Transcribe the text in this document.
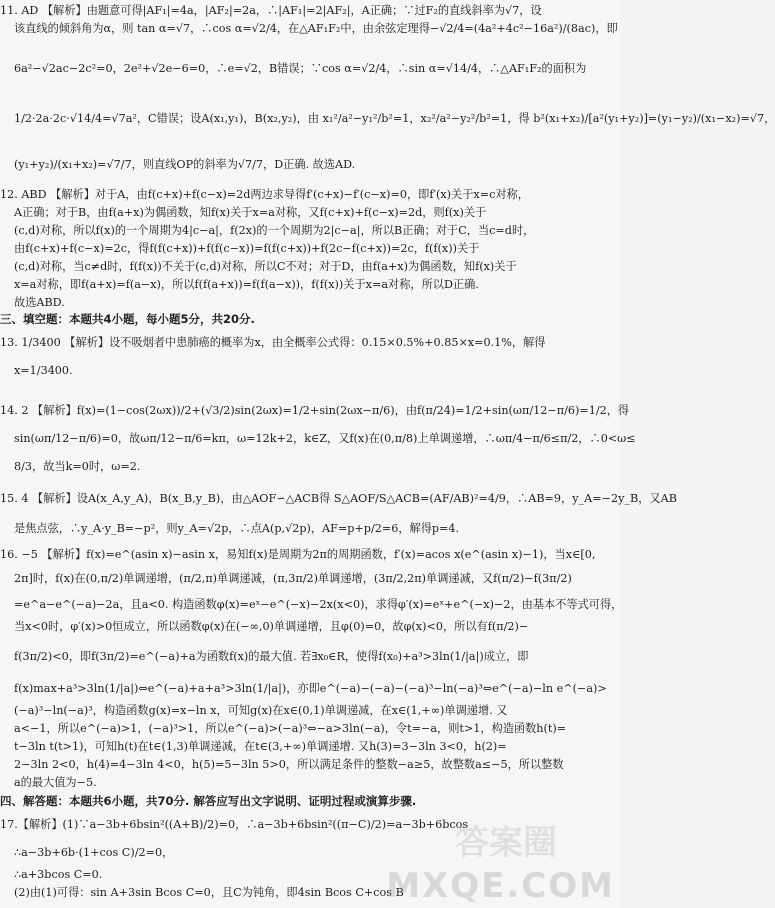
11. AD 【解析】由题意可得|AF₁|=4a，|AF₂|=2a，∴|AF₁|=2|AF₂|，A正确；∵过F₂的直线斜率为√7，设
该直线的倾斜角为α，则 tan α=√7，∴cos α=√2/4，在△AF₁F₂中，由余弦定理得−√2/4=(4a²+4c²−16a²)/(8ac)，即
6a²−√2ac−2c²=0，2e²+√2e−6=0，∴e=√2，B错误；∵cos α=√2/4，∴sin α=√14/4，∴△AF₁F₂的面积为
1/2·2a·2c·√14/4=√7a²，C错误；设A(x₁,y₁)，B(x₂,y₂)，由 x₁²/a²−y₁²/b²=1，x₂²/a²−y₂²/b²=1，得 b²(x₁+x₂)/[a²(y₁+y₂)]=(y₁−y₂)/(x₁−x₂)=√7，
(y₁+y₂)/(x₁+x₂)=√7/7，则直线OP的斜率为√7/7，D正确. 故选AD.
12. ABD 【解析】对于A，由f(c+x)+f(c−x)=2d两边求导得f′(c+x)−f′(c−x)=0，即f′(x)关于x=c对称，
A正确；对于B，由f(a+x)为偶函数，知f(x)关于x=a对称，又f(c+x)+f(c−x)=2d，则f(x)关于
(c,d)对称，所以f(x)的一个周期为4|c−a|，f(2x)的一个周期为2|c−a|，所以B正确；对于C，当c=d时，
由f(c+x)+f(c−x)=2c，得f(f(c+x))+f(f(c−x))=f(f(c+x))+f(2c−f(c+x))=2c，f(f(x))关于
(c,d)对称，当c≠d时，f(f(x))不关于(c,d)对称，所以C不对；对于D，由f(a+x)为偶函数，知f(x)关于
x=a对称，即f(a+x)=f(a−x)，所以f(f(a+x))=f(f(a−x))，f(f(x))关于x=a对称，所以D正确.
故选ABD.
三、填空题：本题共4小题，每小题5分，共20分.
13. 1/3400 【解析】设不吸烟者中患肺癌的概率为x，由全概率公式得：0.15×0.5%+0.85×x=0.1%，解得
x=1/3400.
14. 2 【解析】f(x)=(1−cos(2ωx))/2+(√3/2)sin(2ωx)=1/2+sin(2ωx−π/6)，由f(π/24)=1/2+sin(ωπ/12−π/6)=1/2，得
sin(ωπ/12−π/6)=0，故ωπ/12−π/6=kπ，ω=12k+2，k∈Z，又f(x)在(0,π/8)上单调递增，∴ωπ/4−π/6≤π/2，∴0<ω≤
8/3，故当k=0时，ω=2.
15. 4 【解析】设A(x_A,y_A)，B(x_B,y_B)，由△AOF∽△ACB得 S△AOF/S△ACB=(AF/AB)²=4/9，∴AB=9，y_A=−2y_B，又AB
是焦点弦，∴y_A·y_B=−p²，则y_A=√2p，∴点A(p,√2p)，AF=p+p/2=6，解得p=4.
16. −5 【解析】f(x)=e^(asin x)−asin x，易知f(x)是周期为2π的周期函数，f′(x)=acos x(e^(asin x)−1)，当x∈[0,
2π]时，f(x)在(0,π/2)单调递增，(π/2,π)单调递减，(π,3π/2)单调递增，(3π/2,2π)单调递减，又f(π/2)−f(3π/2)
=e^a−e^(−a)−2a，且a<0. 构造函数φ(x)=eˣ−e^(−x)−2x(x<0)，求得φ′(x)=eˣ+e^(−x)−2，由基本不等式可得，
当x<0时，φ′(x)>0恒成立，所以函数φ(x)在(−∞,0)单调递增，且φ(0)=0，故φ(x)<0，所以有f(π/2)−
f(3π/2)<0，即f(3π/2)=e^(−a)+a为函数f(x)的最大值. 若∃x₀∈R，使得f(x₀)+a³>3ln(1/|a|)成立，即
f(x)max+a³>3ln(1/|a|)⇔e^(−a)+a+a³>3ln(1/|a|)，亦即e^(−a)−(−a)−(−a)³−ln(−a)³⇔e^(−a)−ln e^(−a)>
(−a)³−ln(−a)³，构造函数g(x)=x−ln x，可知g(x)在x∈(0,1)单调递减，在x∈(1,+∞)单调递增. 又
a<−1，所以e^(−a)>1，(−a)³>1，所以e^(−a)>(−a)³⇔−a>3ln(−a)，令t=−a，则t>1，构造函数h(t)=
t−3ln t(t>1)，可知h(t)在t∈(1,3)单调递减，在t∈(3,+∞)单调递增. 又h(3)=3−3ln 3<0，h(2)=
2−3ln 2<0，h(4)=4−3ln 4<0，h(5)=5−3ln 5>0，所以满足条件的整数−a≥5，故整数a≤−5，所以整数
a的最大值为−5.
四、解答题：本题共6小题，共70分. 解答应写出文字说明、证明过程或演算步骤.
17.【解析】(1)∵a−3b+6bsin²((A+B)/2)=0，∴a−3b+6bsin²((π−C)/2)=a−3b+6bcos
∴a−3b+6b·(1+cos C)/2=0，
∴a+3bcos C=0.
(2)由(1)可得：sin A+3sin Bcos C=0，且C为钝角，即4sin Bcos C+cos B
答案圈
MXQE.COM
